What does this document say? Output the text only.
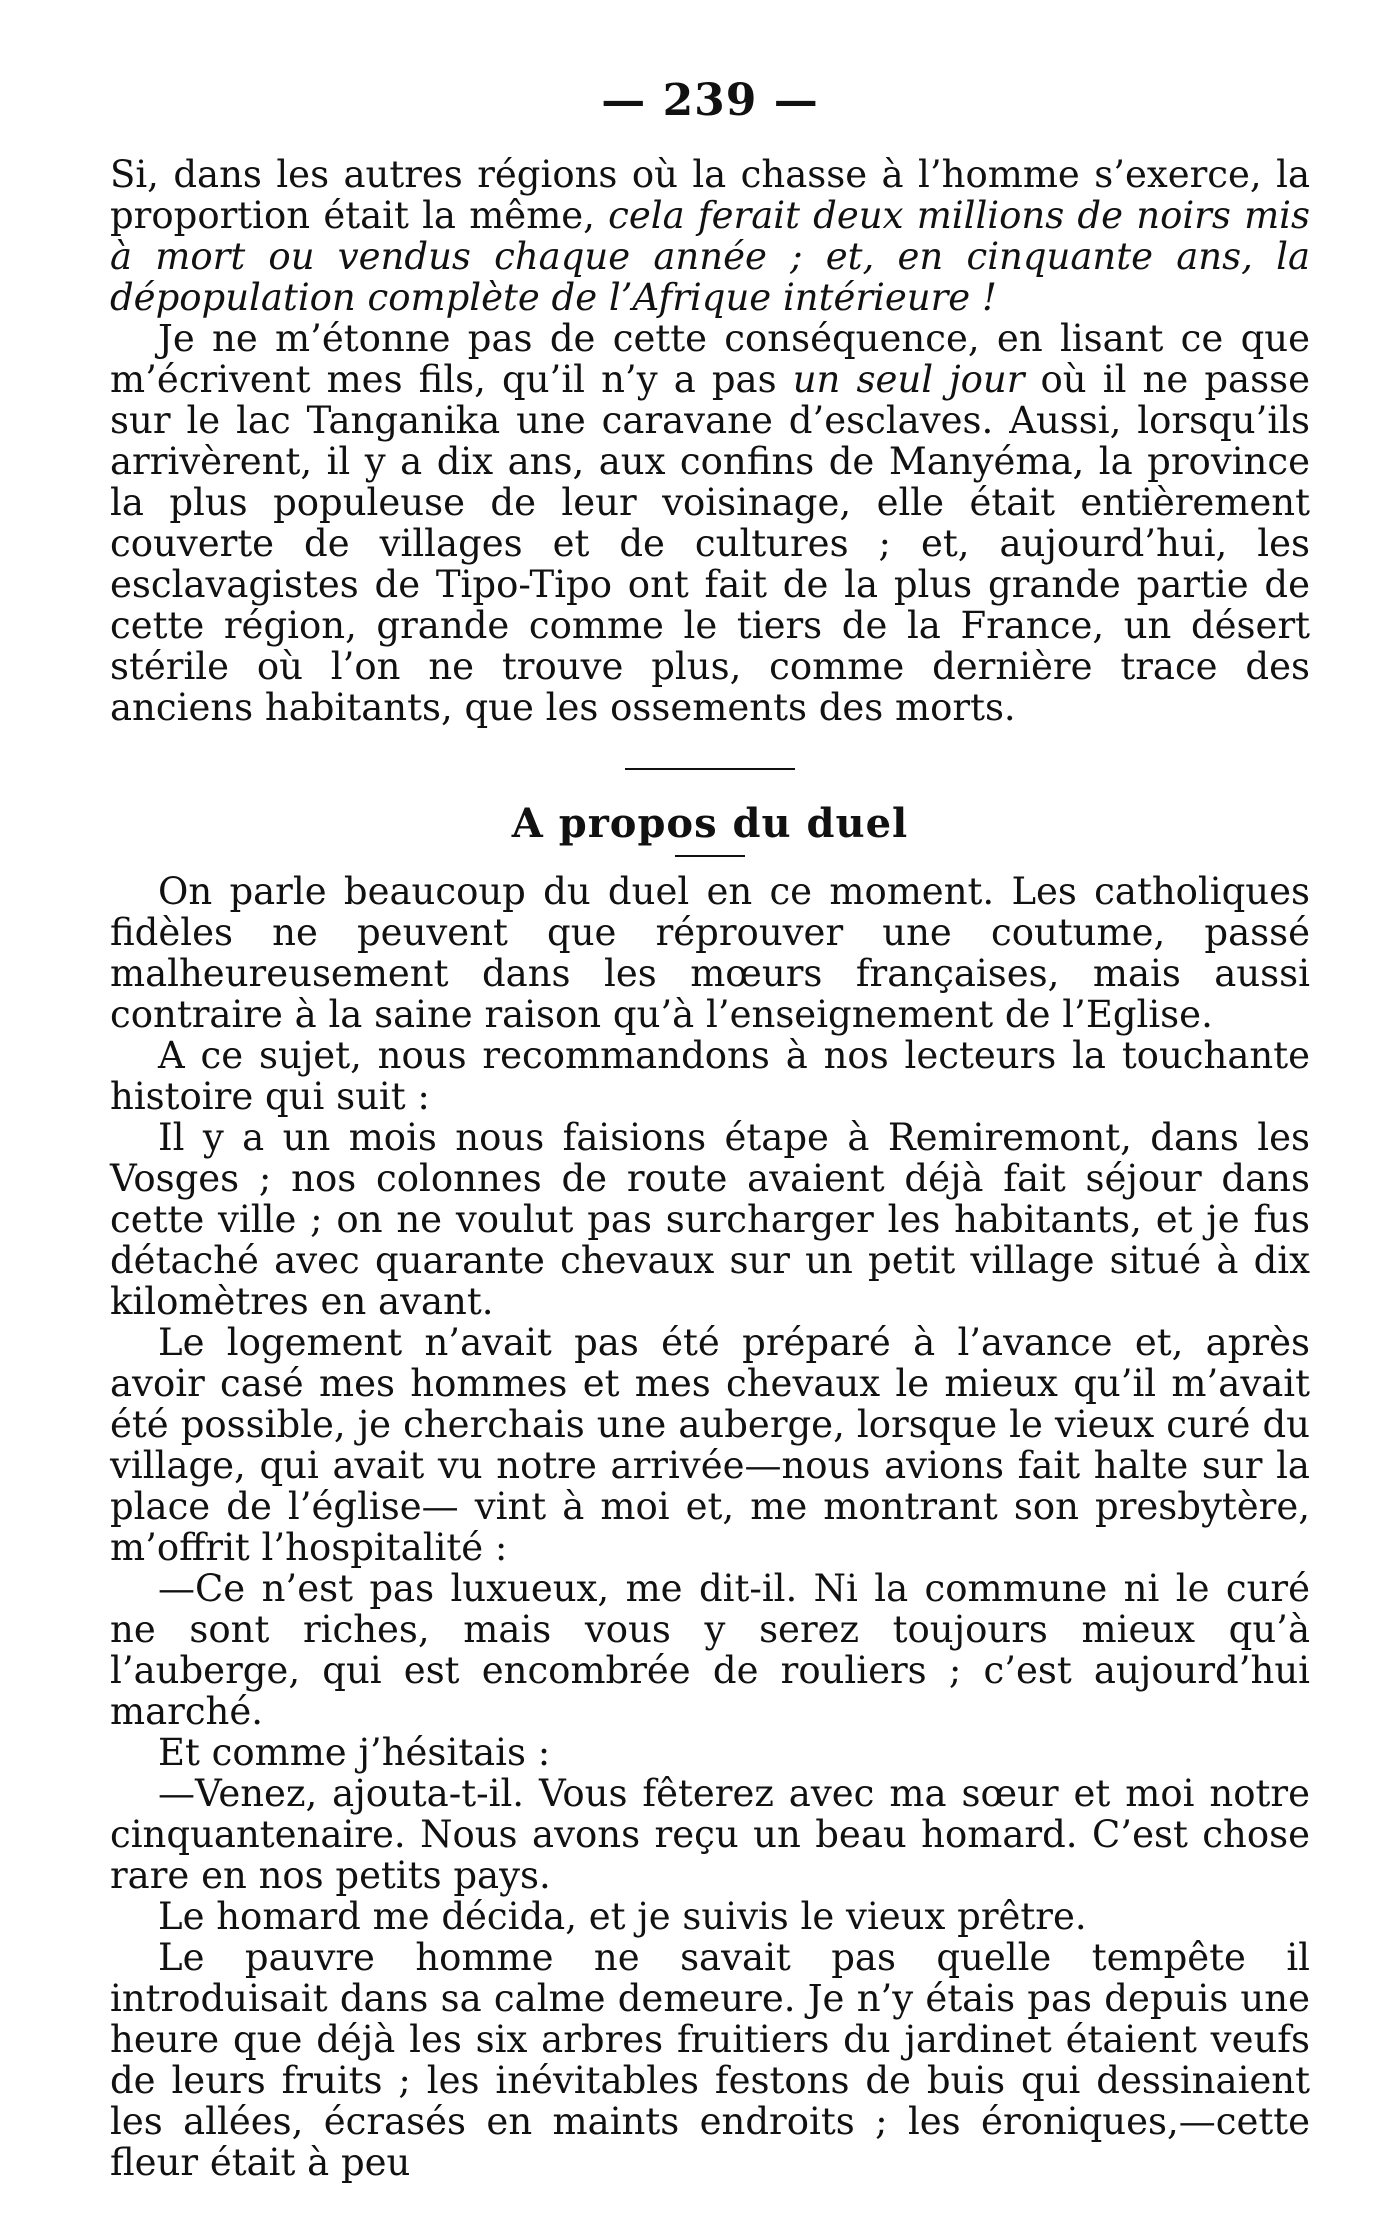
— 239 —

Si, dans les autres régions où la chasse à l’homme s’exerce, la proportion était la même, cela ferait deux millions de noirs mis à mort ou vendus chaque année ; et, en cinquante ans, la dépopulation complète de l’Afrique intérieure !

Je ne m’étonne pas de cette conséquence, en lisant ce que m’écrivent mes fils, qu’il n’y a pas un seul jour où il ne passe sur le lac Tanganika une caravane d’esclaves. Aussi, lorsqu’ils arrivèrent, il y a dix ans, aux confins de Manyéma, la province la plus populeuse de leur voisinage, elle était entièrement couverte de villages et de cultures ; et, aujourd’hui, les esclavagistes de Tipo-Tipo ont fait de la plus grande partie de cette région, grande comme le tiers de la France, un désert stérile où l’on ne trouve plus, comme dernière trace des anciens habitants, que les ossements des morts.

A propos du duel

On parle beaucoup du duel en ce moment. Les catholiques fidèles ne peuvent que réprouver une coutume, passé malheureusement dans les mœurs françaises, mais aussi contraire à la saine raison qu’à l’enseignement de l’Eglise.

A ce sujet, nous recommandons à nos lecteurs la touchante histoire qui suit :

Il y a un mois nous faisions étape à Remiremont, dans les Vosges ; nos colonnes de route avaient déjà fait séjour dans cette ville ; on ne voulut pas surcharger les habitants, et je fus détaché avec quarante chevaux sur un petit village situé à dix kilomètres en avant.

Le logement n’avait pas été préparé à l’avance et, après avoir casé mes hommes et mes chevaux le mieux qu’il m’avait été possible, je cherchais une auberge, lorsque le vieux curé du village, qui avait vu notre arrivée—nous avions fait halte sur la place de l’église— vint à moi et, me montrant son presbytère, m’offrit l’hospitalité :

—Ce n’est pas luxueux, me dit-il. Ni la commune ni le curé ne sont riches, mais vous y serez toujours mieux qu’à l’auberge, qui est encombrée de rouliers ; c’est aujourd’hui marché.

Et comme j’hésitais :

—Venez, ajouta-t-il. Vous fêterez avec ma sœur et moi notre cinquantenaire. Nous avons reçu un beau homard. C’est chose rare en nos petits pays.

Le homard me décida, et je suivis le vieux prêtre.

Le pauvre homme ne savait pas quelle tempête il introduisait dans sa calme demeure. Je n’y étais pas depuis une heure que déjà les six arbres fruitiers du jardinet étaient veufs de leurs fruits ; les inévitables festons de buis qui dessinaient les allées, écrasés en maints endroits ; les éroniques,—cette fleur était à peu
